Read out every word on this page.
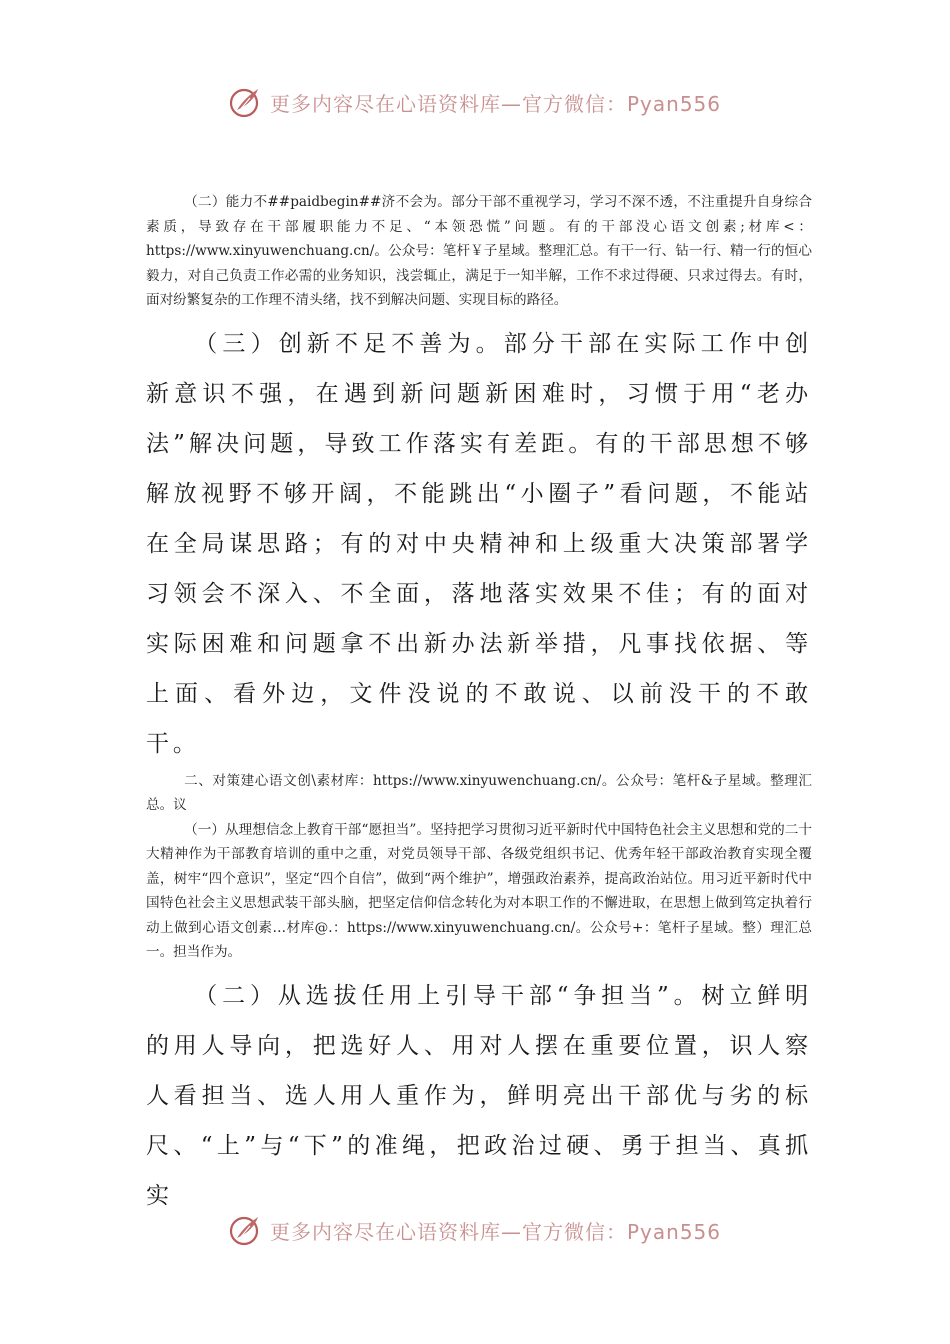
更多内容尽在心语资料库—官方微信：Pyan556

（二）能力不##paidbegin##济不会为。部分干部不重视学习，学习不深不透，不注重提升自身综合素质，导致存在干部履职能力不足、“本领恐慌”问题。有的干部没心语文创素;材库<：https://www.xinyuwenchuang.cn/。公众号：笔杆￥子星域。整理汇总。有干一行、钻一行、精一行的恒心毅力，对自己负责工作必需的业务知识，浅尝辄止，满足于一知半解，工作不求过得硬、只求过得去。有时，面对纷繁复杂的工作理不清头绪，找不到解决问题、实现目标的路径。

（三）创新不足不善为。部分干部在实际工作中创新意识不强，在遇到新问题新困难时，习惯于用“老办法”解决问题，导致工作落实有差距。有的干部思想不够解放视野不够开阔，不能跳出“小圈子”看问题，不能站在全局谋思路；有的对中央精神和上级重大决策部署学习领会不深入、不全面，落地落实效果不佳；有的面对实际困难和问题拿不出新办法新举措，凡事找依据、等上面、看外边，文件没说的不敢说、以前没干的不敢干。

二、对策建心语文创\素材库：https://www.xinyuwenchuang.cn/。公众号：笔杆&子星域。整理汇总。议

（一）从理想信念上教育干部“愿担当”。坚持把学习贯彻习近平新时代中国特色社会主义思想和党的二十大精神作为干部教育培训的重中之重，对党员领导干部、各级党组织书记、优秀年轻干部政治教育实现全覆盖，树牢“四个意识”，坚定“四个自信”，做到“两个维护”，增强政治素养，提高政治站位。用习近平新时代中国特色社会主义思想武装干部头脑，把坚定信仰信念转化为对本职工作的不懈进取，在思想上做到笃定执着行动上做到心语文创素…材库@.：https://www.xinyuwenchuang.cn/。公众号+：笔杆子星域。整）理汇总一。担当作为。

（二）从选拔任用上引导干部“争担当”。树立鲜明的用人导向，把选好人、用对人摆在重要位置，识人察人看担当、选人用人重作为，鲜明亮出干部优与劣的标尺、“上”与“下”的准绳，把政治过硬、勇于担当、真抓实

更多内容尽在心语资料库—官方微信：Pyan556
